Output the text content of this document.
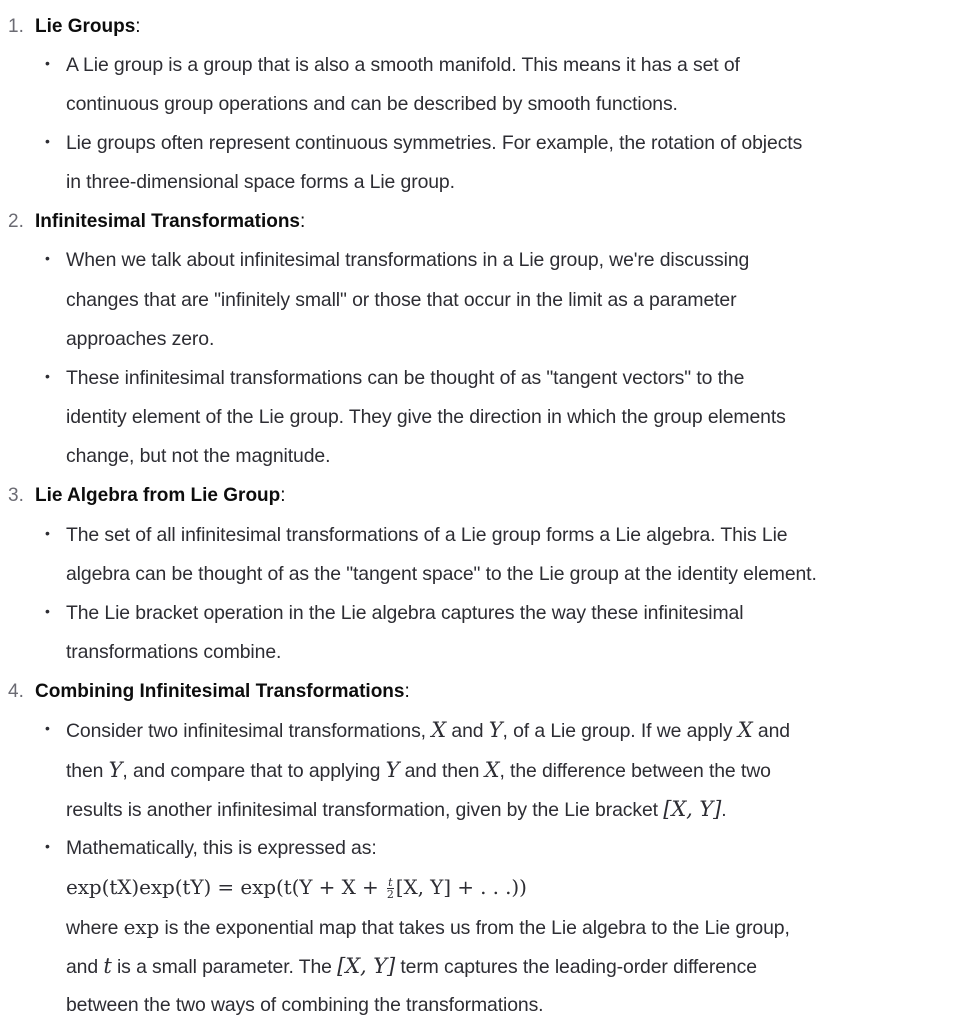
1. Lie Groups:
• A Lie group is a group that is also a smooth manifold. This means it has a set of
continuous group operations and can be described by smooth functions.
• Lie groups often represent continuous symmetries. For example, the rotation of objects
in three-dimensional space forms a Lie group.
2. Infinitesimal Transformations:
• When we talk about infinitesimal transformations in a Lie group, we're discussing
changes that are "infinitely small" or those that occur in the limit as a parameter
approaches zero.
• These infinitesimal transformations can be thought of as "tangent vectors" to the
identity element of the Lie group. They give the direction in which the group elements
change, but not the magnitude.
3. Lie Algebra from Lie Group:
• The set of all infinitesimal transformations of a Lie group forms a Lie algebra. This Lie
algebra can be thought of as the "tangent space" to the Lie group at the identity element.
• The Lie bracket operation in the Lie algebra captures the way these infinitesimal
transformations combine.
4. Combining Infinitesimal Transformations:
• Consider two infinitesimal transformations, X and Y, of a Lie group. If we apply X and
then Y, and compare that to applying Y and then X, the difference between the two
results is another infinitesimal transformation, given by the Lie bracket [X, Y].
• Mathematically, this is expressed as:
$\exp(tX)\exp(tY) = \exp(t(Y + X + \frac{t}{2} [X$, Y] + . . .))
where exp is the exponential map that takes us from the Lie algebra to the Lie group,
and t is a small parameter. The [X, Y] term captures the leading-order difference
between the two ways of combining the transformations.
